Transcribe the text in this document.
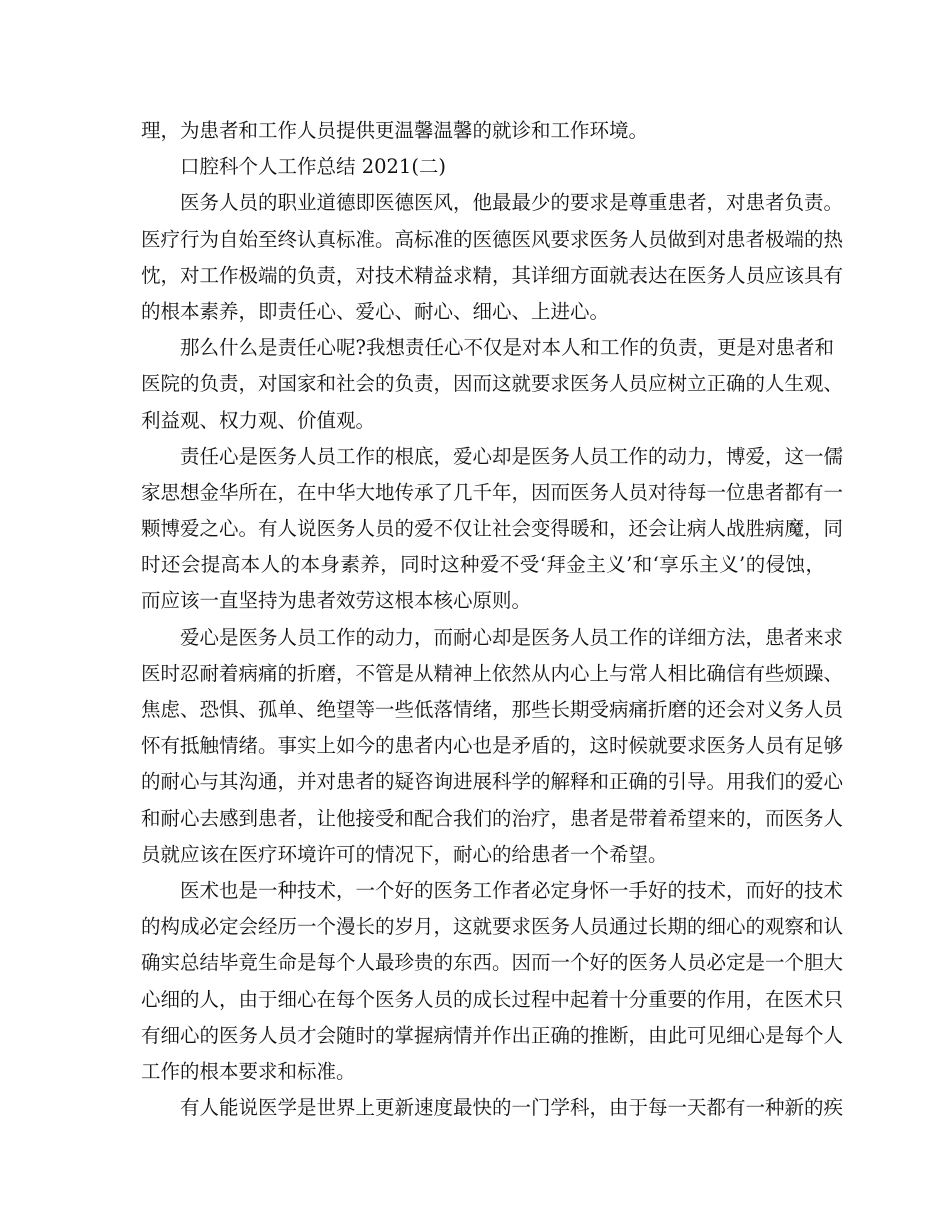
理，为患者和工作人员提供更温馨温馨的就诊和工作环境。
口腔科个人工作总结 2021(二)
医务人员的职业道德即医德医风，他最最少的要求是尊重患者，对患者负责。
医疗行为自始至终认真标准。高标准的医德医风要求医务人员做到对患者极端的热
忱，对工作极端的负责，对技术精益求精，其详细方面就表达在医务人员应该具有
的根本素养，即责任心、爱心、耐心、细心、上进心。
那么什么是责任心呢?我想责任心不仅是对本人和工作的负责，更是对患者和
医院的负责，对国家和社会的负责，因而这就要求医务人员应树立正确的人生观、
利益观、权力观、价值观。
责任心是医务人员工作的根底，爱心却是医务人员工作的动力，博爱，这一儒
家思想金华所在，在中华大地传承了几千年，因而医务人员对待每一位患者都有一
颗博爱之心。有人说医务人员的爱不仅让社会变得暖和，还会让病人战胜病魔，同
时还会提高本人的本身素养，同时这种爱不受‘拜金主义’和‘享乐主义’的侵蚀，
而应该一直坚持为患者效劳这根本核心原则。
爱心是医务人员工作的动力，而耐心却是医务人员工作的详细方法，患者来求
医时忍耐着病痛的折磨，不管是从精神上依然从内心上与常人相比确信有些烦躁、
焦虑、恐惧、孤单、绝望等一些低落情绪，那些长期受病痛折磨的还会对义务人员
怀有抵触情绪。事实上如今的患者内心也是矛盾的，这时候就要求医务人员有足够
的耐心与其沟通，并对患者的疑咨询进展科学的解释和正确的引导。用我们的爱心
和耐心去感到患者，让他接受和配合我们的治疗，患者是带着希望来的，而医务人
员就应该在医疗环境许可的情况下，耐心的给患者一个希望。
医术也是一种技术，一个好的医务工作者必定身怀一手好的技术，而好的技术
的构成必定会经历一个漫长的岁月，这就要求医务人员通过长期的细心的观察和认
确实总结毕竟生命是每个人最珍贵的东西。因而一个好的医务人员必定是一个胆大
心细的人，由于细心在每个医务人员的成长过程中起着十分重要的作用，在医术只
有细心的医务人员才会随时的掌握病情并作出正确的推断，由此可见细心是每个人
工作的根本要求和标准。
有人能说医学是世界上更新速度最快的一门学科，由于每一天都有一种新的疾
